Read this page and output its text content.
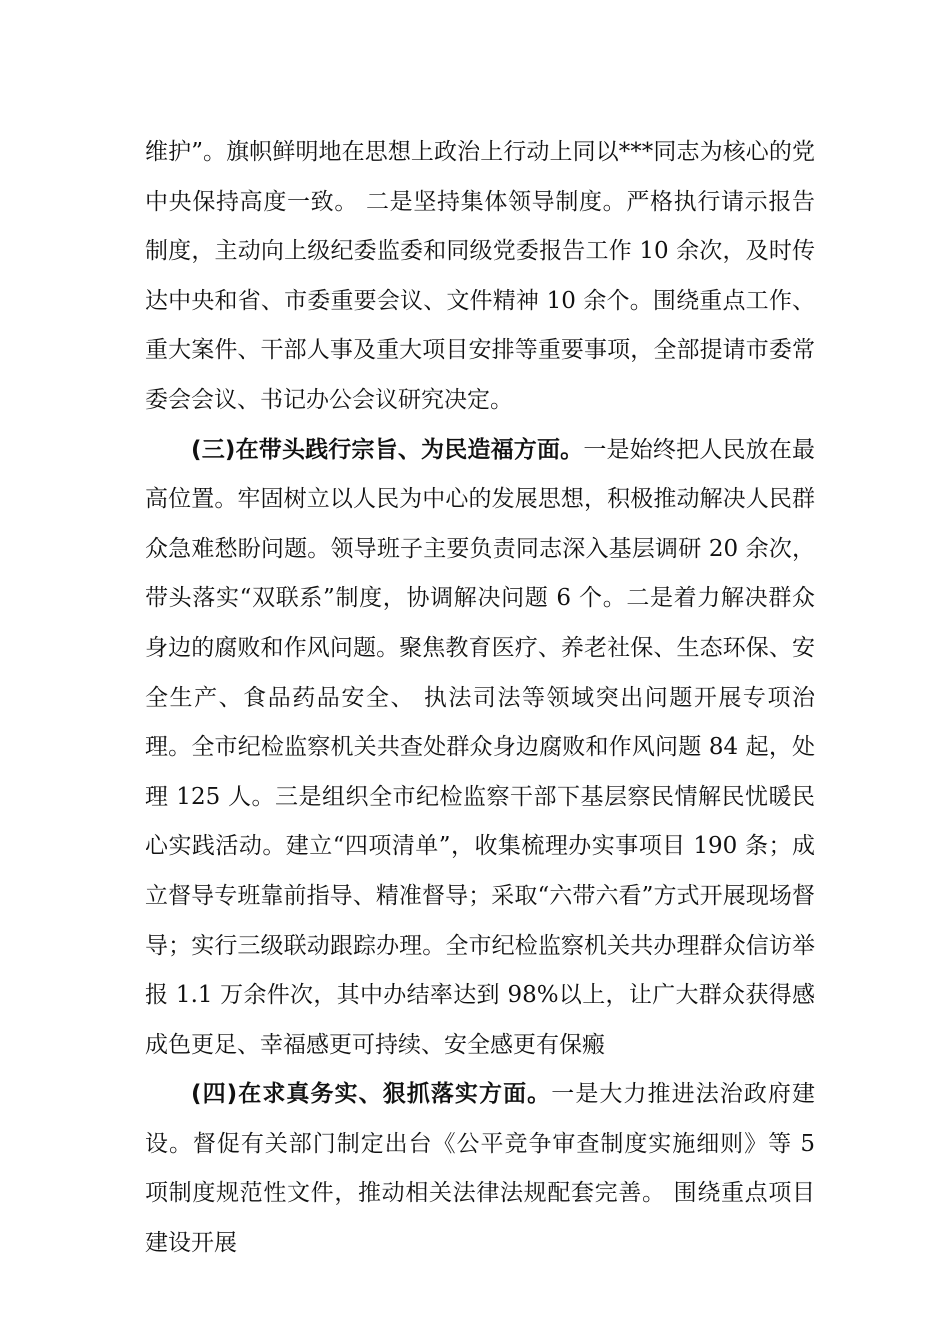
维护”。旗帜鲜明地在思想上政治上行动上同以***同志为核心的党中央保持高度一致。 二是坚持集体领导制度。严格执行请示报告制度，主动向上级纪委监委和同级党委报告工作 10 余次，及时传达中央和省、市委重要会议、文件精神 10 余个。围绕重点工作、重大案件、干部人事及重大项目安排等重要事项，全部提请市委常委会会议、书记办公会议研究决定。

(三)在带头践行宗旨、为民造福方面。一是始终把人民放在最高位置。牢固树立以人民为中心的发展思想，积极推动解决人民群众急难愁盼问题。领导班子主要负责同志深入基层调研 20 余次，带头落实“双联系”制度，协调解决问题 6 个。二是着力解决群众身边的腐败和作风问题。聚焦教育医疗、养老社保、生态环保、安全生产、食品药品安全、 执法司法等领域突出问题开展专项治理。全市纪检监察机关共查处群众身边腐败和作风问题 84 起，处理 125 人。三是组织全市纪检监察干部下基层察民情解民忧暖民心实践活动。建立“四项清单”，收集梳理办实事项目 190 条；成立督导专班靠前指导、精准督导；采取“六带六看”方式开展现场督导；实行三级联动跟踪办理。全市纪检监察机关共办理群众信访举报 1.1 万余件次，其中办结率达到 98%以上，让广大群众获得感成色更足、幸福感更可持续、安全感更有保瘢

(四)在求真务实、狠抓落实方面。一是大力推进法治政府建设。督促有关部门制定出台《公平竞争审查制度实施细则》等 5 项制度规范性文件，推动相关法律法规配套完善。 围绕重点项目建设开展
